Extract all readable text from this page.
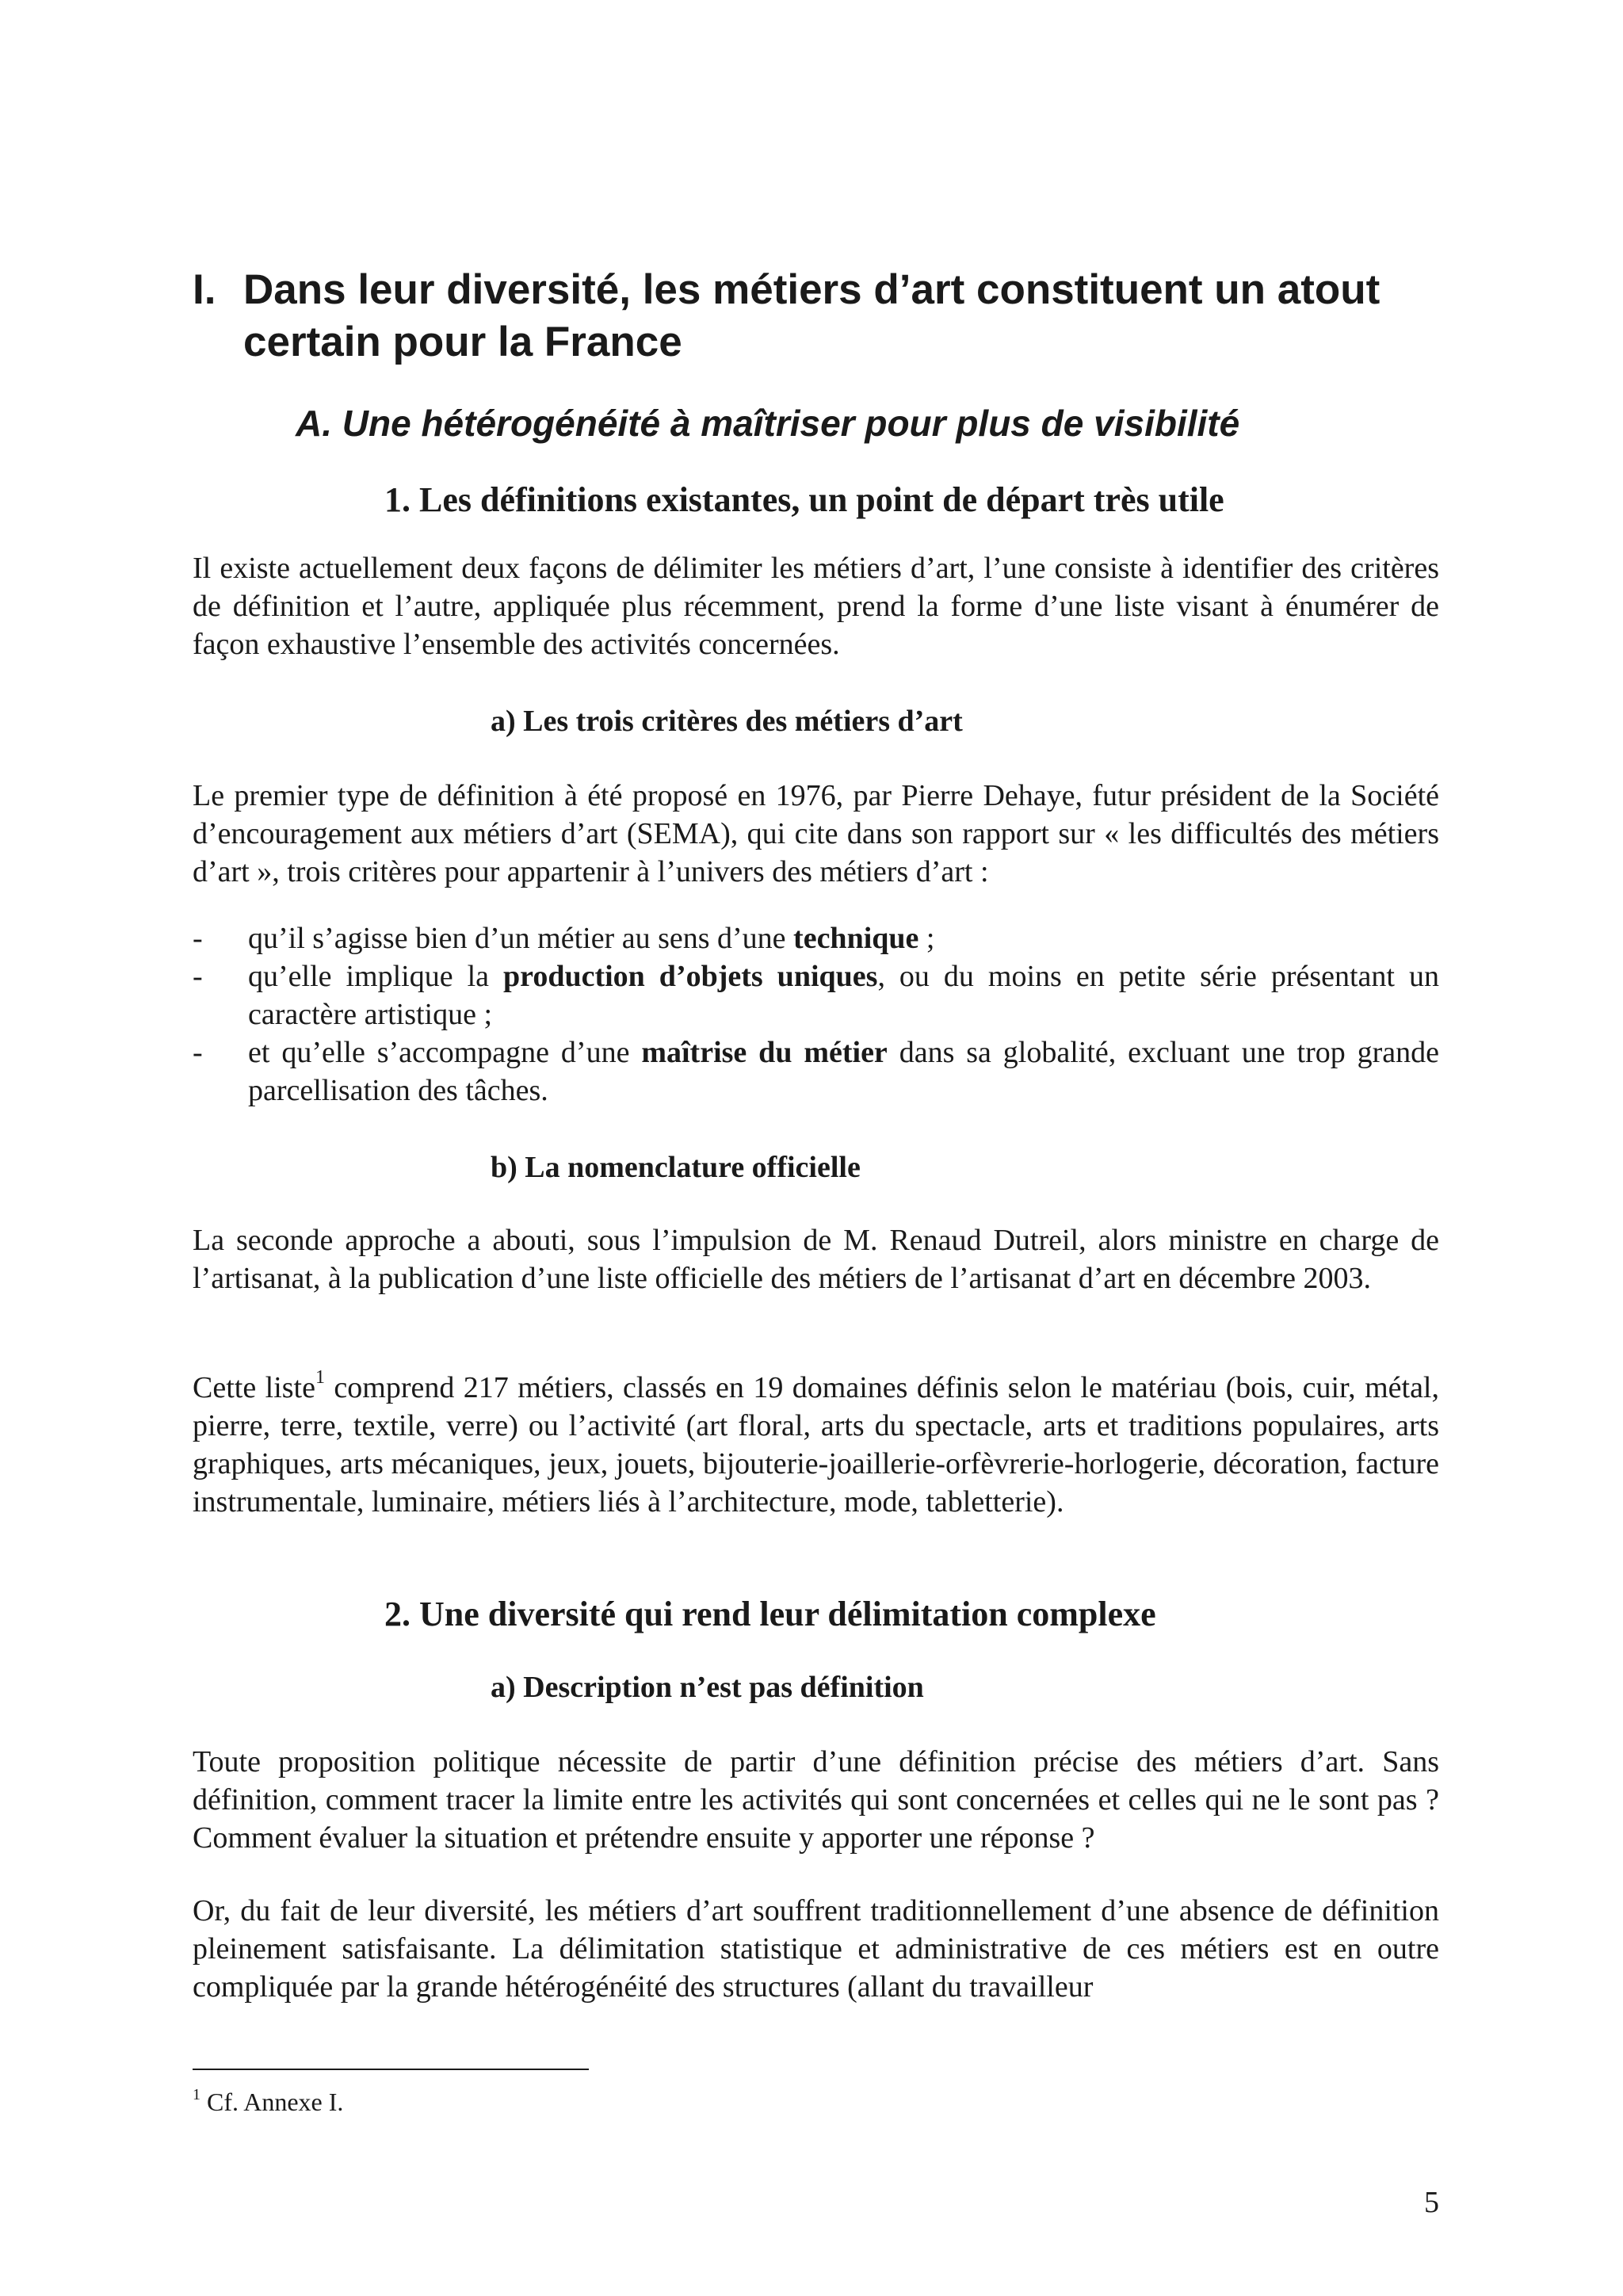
I. Dans leur diversité, les métiers d’art constituent un atout certain pour la France
A. Une hétérogénéité à maîtriser pour plus de visibilité
1. Les définitions existantes, un point de départ très utile
Il existe actuellement deux façons de délimiter les métiers d’art, l’une consiste à identifier des critères de définition et l’autre, appliquée plus récemment, prend la forme d’une liste visant à énumérer de façon exhaustive l’ensemble des activités concernées.
a) Les trois critères des métiers d’art
Le premier type de définition à été proposé en 1976, par Pierre Dehaye, futur président de la Société d’encouragement aux métiers d’art (SEMA), qui cite dans son rapport sur « les difficultés des métiers d’art », trois critères pour appartenir à l’univers des métiers d’art :
- qu’il s’agisse bien d’un métier au sens d’une technique ;
- qu’elle implique la production d’objets uniques, ou du moins en petite série présentant un caractère artistique ;
- et qu’elle s’accompagne d’une maîtrise du métier dans sa globalité, excluant une trop grande parcellisation des tâches.
b) La nomenclature officielle
La seconde approche a abouti, sous l’impulsion de M. Renaud Dutreil, alors ministre en charge de l’artisanat, à la publication d’une liste officielle des métiers de l’artisanat d’art en décembre 2003.
Cette liste$^1$ comprend 217 métiers, classés en 19 domaines définis selon le matériau (bois, cuir, métal, pierre, terre, textile, verre) ou l’activité (art floral, arts du spectacle, arts et traditions populaires, arts graphiques, arts mécaniques, jeux, jouets, bijouterie-joaillerie-orfèvrerie-horlogerie, décoration, facture instrumentale, luminaire, métiers liés à l’architecture, mode, tabletterie).
2. Une diversité qui rend leur délimitation complexe
a) Description n’est pas définition
Toute proposition politique nécessite de partir d’une définition précise des métiers d’art. Sans définition, comment tracer la limite entre les activités qui sont concernées et celles qui ne le sont pas ? Comment évaluer la situation et prétendre ensuite y apporter une réponse ?
Or, du fait de leur diversité, les métiers d’art souffrent traditionnellement d’une absence de définition pleinement satisfaisante. La délimitation statistique et administrative de ces métiers est en outre compliquée par la grande hétérogénéité des structures (allant du travailleur
$^1$ Cf. Annexe I.
5
